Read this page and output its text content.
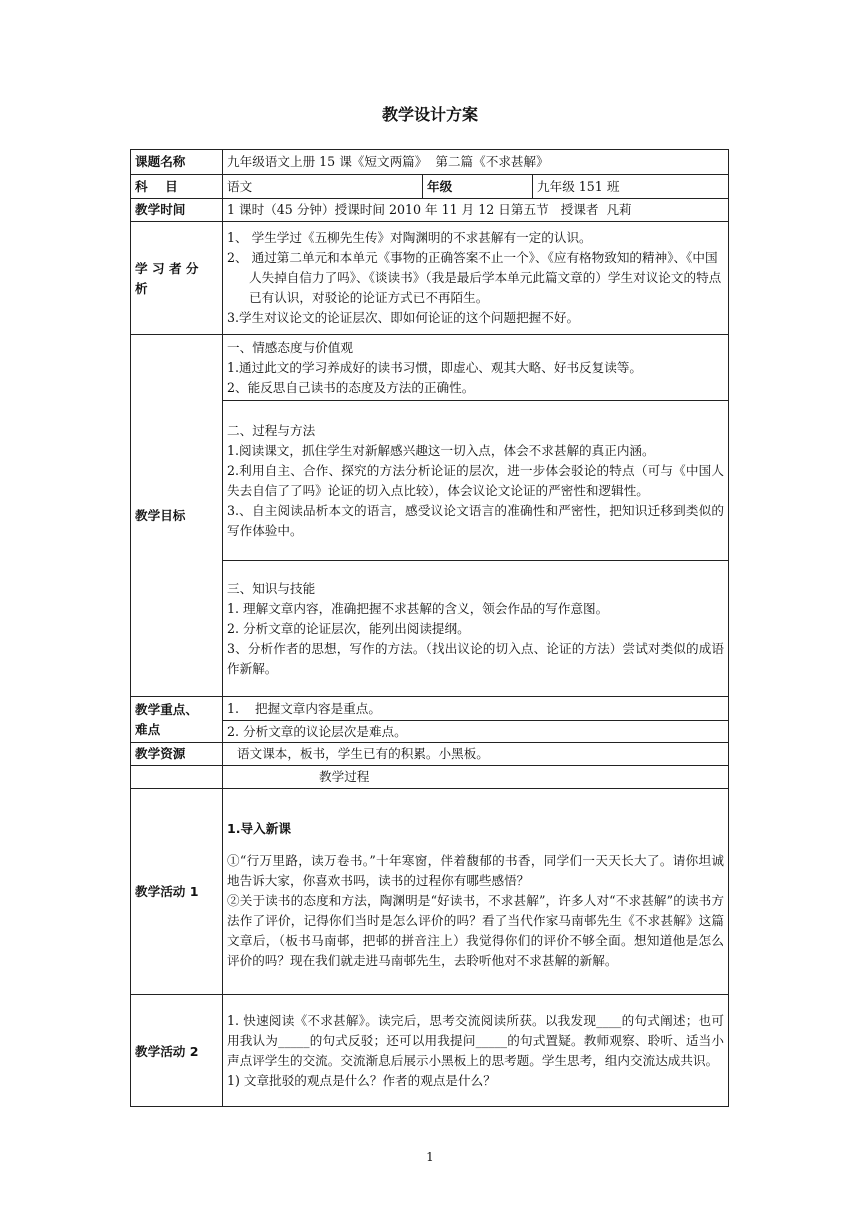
教学设计方案
课题名称	九年级语文上册 15 课《短文两篇》  第二篇《不求甚解》		
科    目	语文	年级	九年级 151 班
教学时间	1 课时（45 分钟）授课时间 2010 年 11 月 12 日第五节   授课者  凡莉		

学 习 者 分
析	1、 学生学过《五柳先生传》对陶渊明的不求甚解有一定的认识。
2、 通过第二单元和本单元《事物的正确答案不止一个》、《应有格物致知的精神》、《中国人失掉自信力了吗》、《谈读书》（我是最后学本单元此篇文章的）学生对议论文的特点已有认识，对驳论的论证方式已不再陌生。
3.学生对议论文的论证层次、即如何论证的这个问题把握不好。		

教学目标	一、情感态度与价值观
1.通过此文的学习养成好的读书习惯，即虚心、观其大略、好书反复读等。
2、能反思自己读书的态度及方法的正确性。		

	二、过程与方法
1.阅读课文，抓住学生对新解感兴趣这一切入点，体会不求甚解的真正内涵。
2.利用自主、合作、探究的方法分析论证的层次，进一步体会驳论的特点（可与《中国人失去自信了了吗》论证的切入点比较），体会议论文论证的严密性和逻辑性。
3.、自主阅读品析本文的语言，感受议论文语言的准确性和严密性，把知识迁移到类似的写作体验中。		

	三、知识与技能
1. 理解文章内容，准确把握不求甚解的含义，领会作品的写作意图。
2. 分析文章的论证层次，能列出阅读提纲。
3、分析作者的思想，写作的方法。（找出议论的切入点、论证的方法）尝试对类似的成语作新解。		

教学重点、
难点	1.    把握文章内容是重点。		
	2. 分析文章的议论层次是难点。		
教学资源	语文课本，板书，学生已有的积累。小黑板。		
	教学过程		
教学活动 1	1.导入新课
①“行万里路，读万卷书。”十年寒窗，伴着馥郁的书香，同学们一天天长大了。请你坦诚地告诉大家，你喜欢书吗，读书的过程你有哪些感悟？
②关于读书的态度和方法，陶渊明是“好读书，不求甚解”，许多人对“不求甚解”的读书方法作了评价，记得你们当时是怎么评价的吗？看了当代作家马南邨先生《不求甚解》这篇文章后，（板书马南邨，把邨的拼音注上）我觉得你们的评价不够全面。想知道他是怎么评价的吗？现在我们就走进马南邨先生，去聆听他对不求甚解的新解。		

教学活动 2	1. 快速阅读《不求甚解》。读完后，思考交流阅读所获。以我发现____的句式阐述；也可用我认为_____的句式反驳；还可以用我提问_____的句式置疑。教师观察、聆听、适当小声点评学生的交流。交流渐息后展示小黑板上的思考题。学生思考，组内交流达成共识。
1) 文章批驳的观点是什么？作者的观点是什么？		
1
